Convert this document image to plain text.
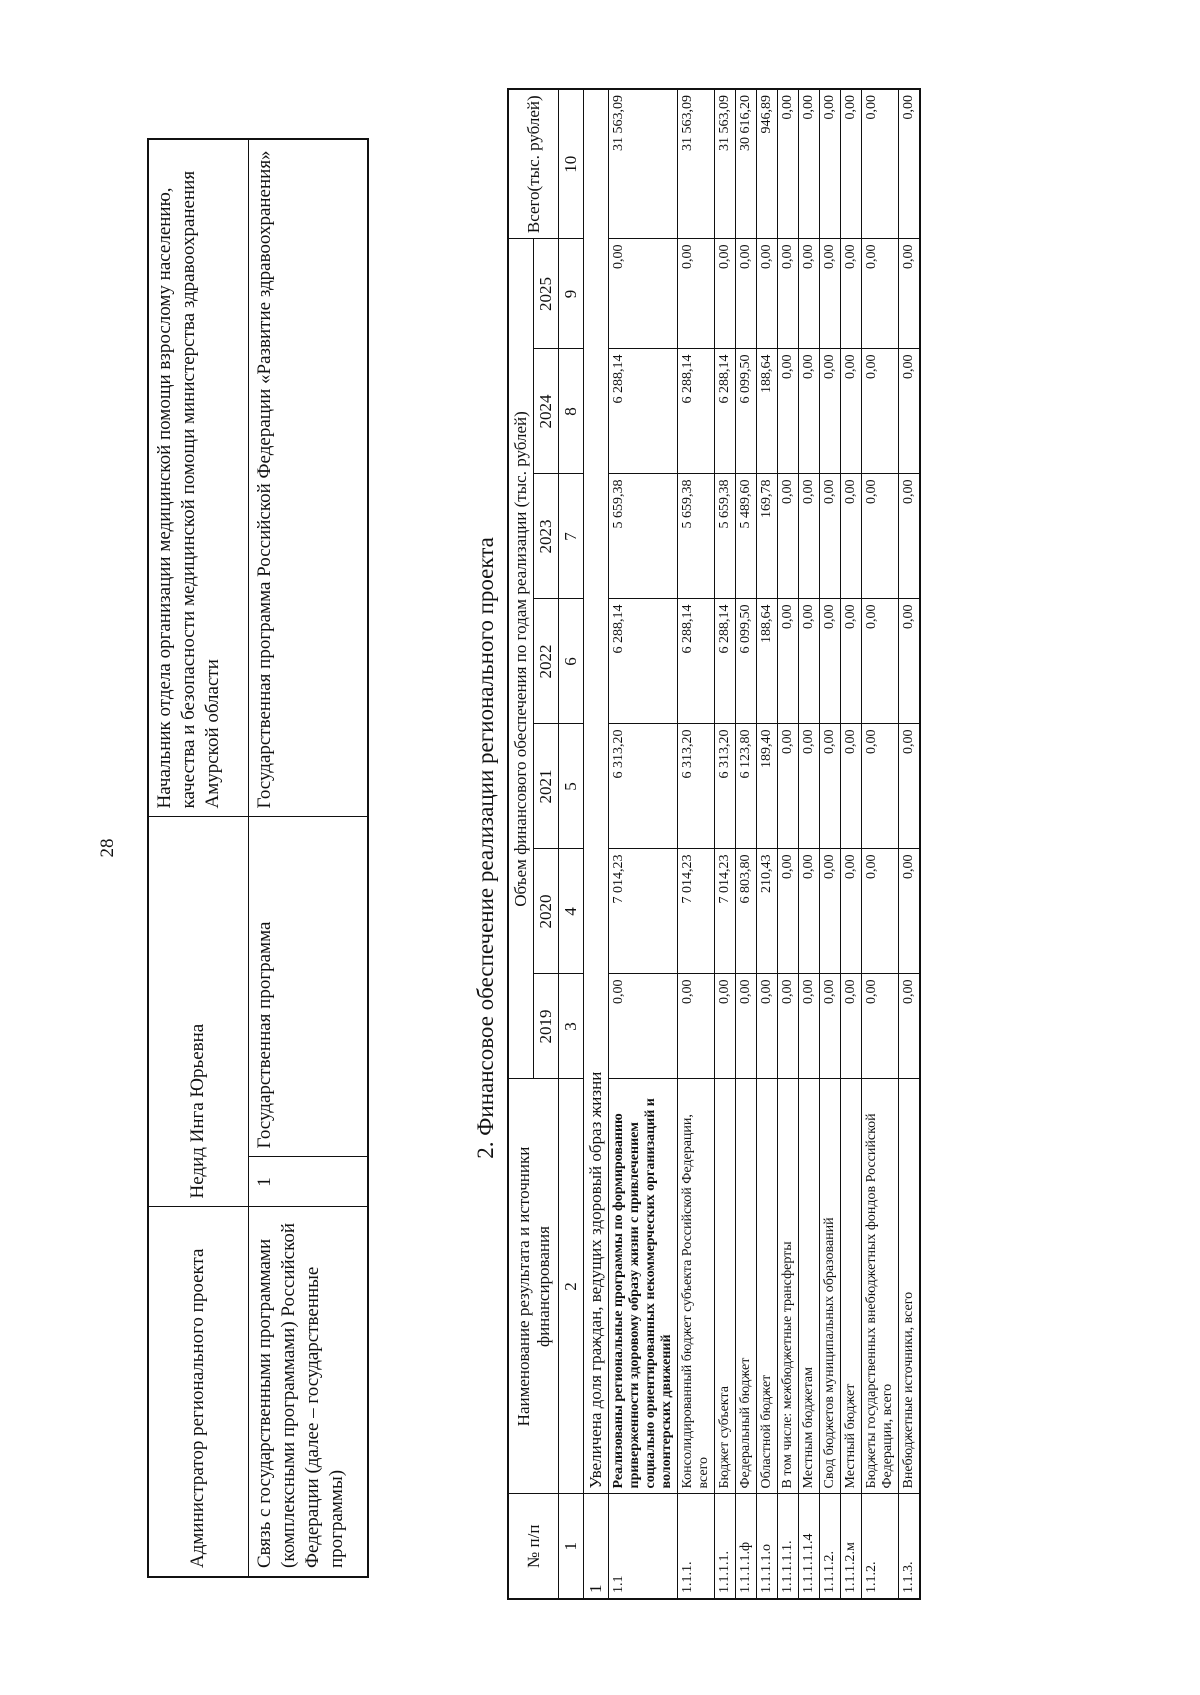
28
Администратор регионального проекта	Недид Инга Юрьевна		Начальник отдела организации медицинской помощи взрослому населению, качества и безопасности медицинской помощи министерства здравоохранения Амурской области
Связь с государственными программами (комплексными программами) Российской Федерации (далее – государственные программы)	1	Государственная программа	Государственная программа Российской Федерации «Развитие здравоохранения»
2. Финансовое обеспечение реализации регионального проекта
№ п/п	Наименование результата и источники финансирования	Объем финансового обеспечения по годам реализации (тыс. рублей)							Всего(тыс. рублей)
		2019	2020	2021	2022	2023	2024	2025	
1	2	3	4	5	6	7	8	9	10
1	Увеличена доля граждан, ведущих здоровый образ жизни								
1.1	Реализованы региональные программы по формированию приверженности здоровому образу жизни с привлечением социально ориентированных некоммерческих организаций и волонтерских движений	0,00	7 014,23	6 313,20	6 288,14	5 659,38	6 288,14	0,00	31 563,09
1.1.1.	Консолидированный бюджет субъекта Российской Федерации, всего	0,00	7 014,23	6 313,20	6 288,14	5 659,38	6 288,14	0,00	31 563,09
1.1.1.1.	Бюджет субъекта	0,00	7 014,23	6 313,20	6 288,14	5 659,38	6 288,14	0,00	31 563,09
1.1.1.1.ф	Федеральный бюджет	0,00	6 803,80	6 123,80	6 099,50	5 489,60	6 099,50	0,00	30 616,20
1.1.1.1.о	Областной бюджет	0,00	210,43	189,40	188,64	169,78	188,64	0,00	946,89
1.1.1.1.1.	В том числе: межбюджетные трансферты	0,00	0,00	0,00	0,00	0,00	0,00	0,00	0,00
1.1.1.1.1.4	Местным бюджетам	0,00	0,00	0,00	0,00	0,00	0,00	0,00	0,00
1.1.1.2.	Свод бюджетов муниципальных образований	0,00	0,00	0,00	0,00	0,00	0,00	0,00	0,00
1.1.1.2.м	Местный бюджет	0,00	0,00	0,00	0,00	0,00	0,00	0,00	0,00
1.1.2.	Бюджеты государственных внебюджетных фондов Российской Федерации, всего	0,00	0,00	0,00	0,00	0,00	0,00	0,00	0,00
1.1.3.	Внебюджетные источники, всего	0,00	0,00	0,00	0,00	0,00	0,00	0,00	0,00
